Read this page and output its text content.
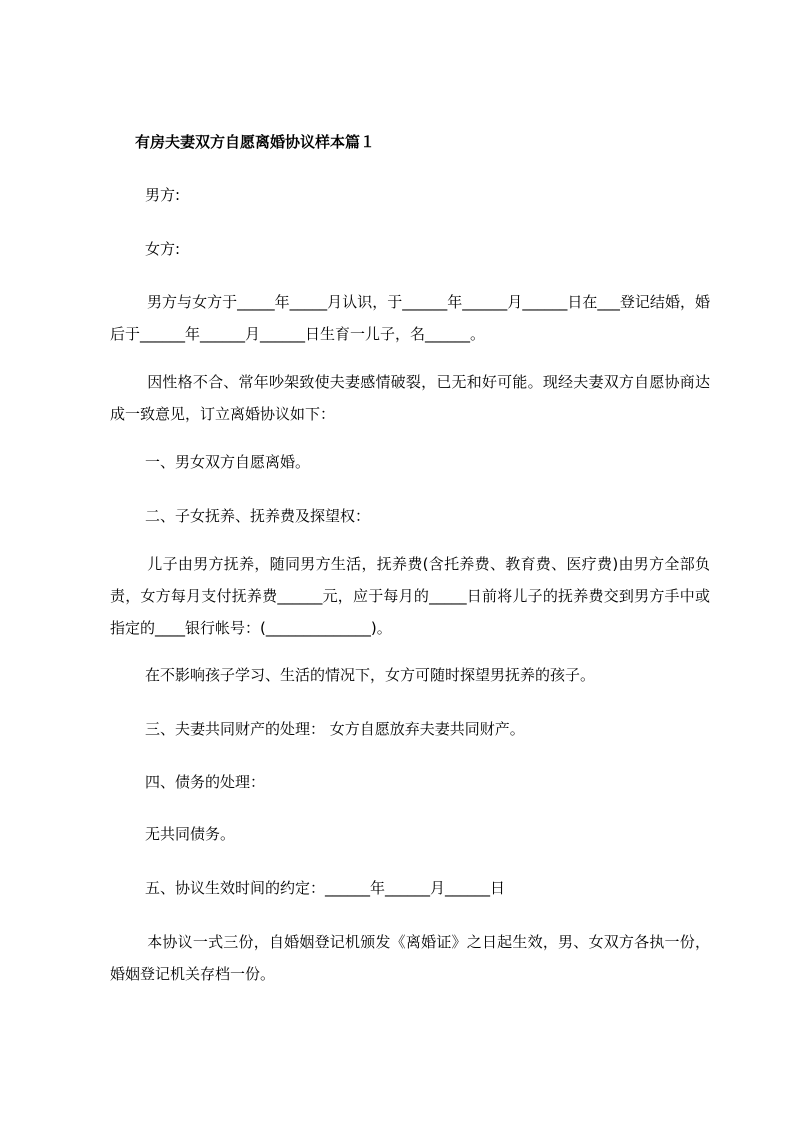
有房夫妻双方自愿离婚协议样本篇１
男方:
女方:
男方与女方于_____年_____月认识，于______年______月______日在___登记结婚，婚后于______年______月______日生育一儿子，名______。
因性格不合、常年吵架致使夫妻感情破裂，已无和好可能。现经夫妻双方自愿协商达成一致意见，订立离婚协议如下：
一、男女双方自愿离婚。
二、子女抚养、抚养费及探望权：
儿子由男方抚养，随同男方生活，抚养费(含托养费、教育费、医疗费)由男方全部负责，女方每月支付抚养费______元，应于每月的_____日前将儿子的抚养费交到男方手中或指定的____银行帐号：(______________)。
在不影响孩子学习、生活的情况下，女方可随时探望男抚养的孩子。
三、夫妻共同财产的处理： 女方自愿放弃夫妻共同财产。
四、债务的处理：
无共同债务。
五、协议生效时间的约定：______年______月______日
本协议一式三份，自婚姻登记机颁发《离婚证》之日起生效，男、女双方各执一份，婚姻登记机关存档一份。
